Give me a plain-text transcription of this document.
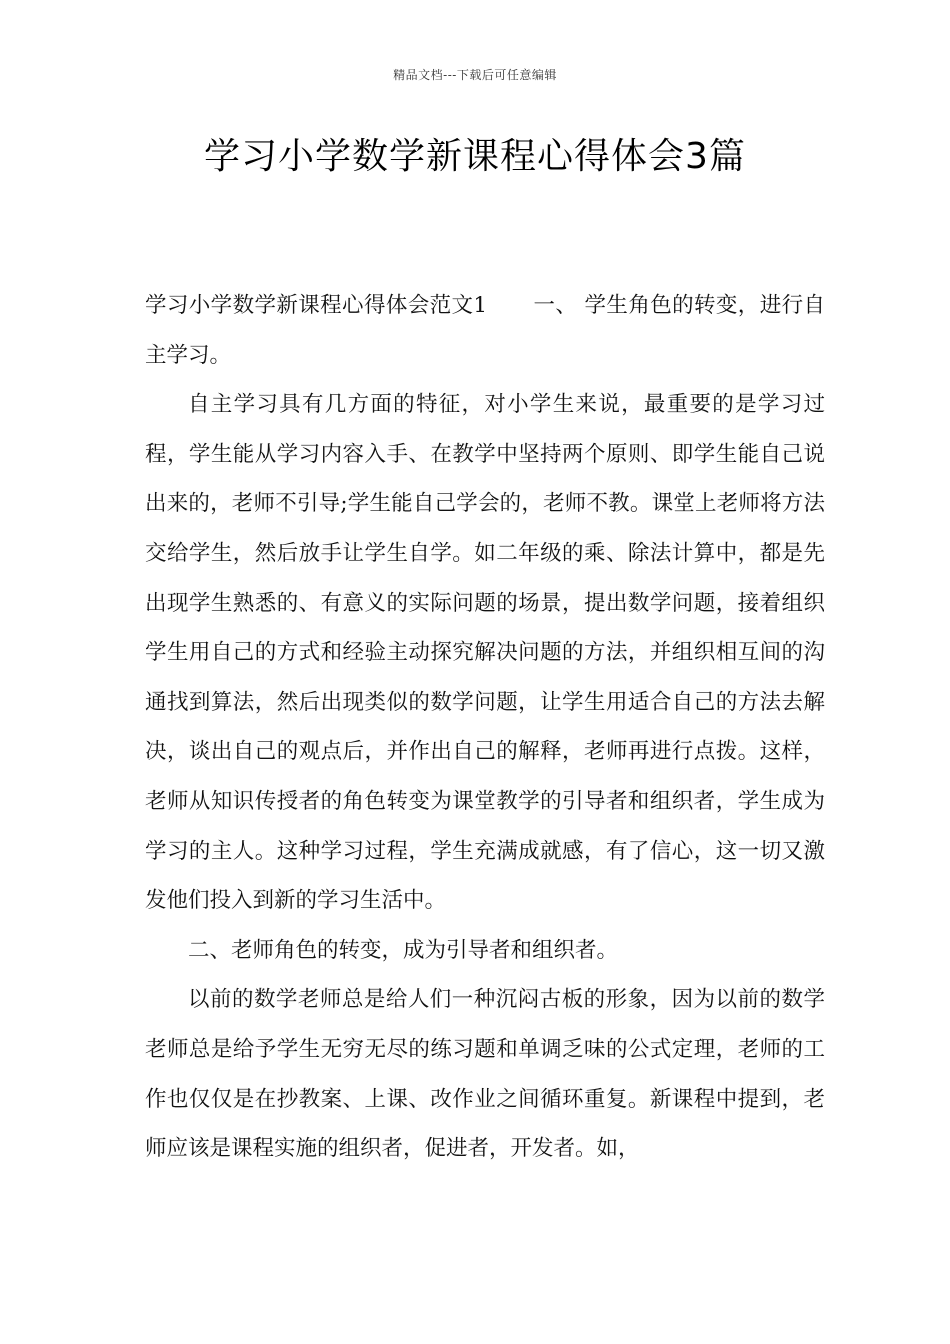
精品文档---下载后可任意编辑
学习小学数学新课程心得体会3篇

学习小学数学新课程心得体会范文1 一、 学生角色的转变，进行自主学习。

自主学习具有几方面的特征，对小学生来说，最重要的是学习过程，学生能从学习内容入手、在教学中坚持两个原则、即学生能自己说出来的，老师不引导;学生能自己学会的，老师不教。课堂上老师将方法交给学生，然后放手让学生自学。如二年级的乘、除法计算中，都是先出现学生熟悉的、有意义的实际问题的场景，提出数学问题，接着组织学生用自己的方式和经验主动探究解决问题的方法，并组织相互间的沟通找到算法，然后出现类似的数学问题，让学生用适合自己的方法去解决，谈出自己的观点后，并作出自己的解释，老师再进行点拨。这样，老师从知识传授者的角色转变为课堂教学的引导者和组织者，学生成为学习的主人。这种学习过程，学生充满成就感，有了信心，这一切又激发他们投入到新的学习生活中。

二、老师角色的转变，成为引导者和组织者。

以前的数学老师总是给人们一种沉闷古板的形象，因为以前的数学老师总是给予学生无穷无尽的练习题和单调乏味的公式定理，老师的工作也仅仅是在抄教案、上课、改作业之间循环重复。新课程中提到，老师应该是课程实施的组织者，促进者，开发者。如，
